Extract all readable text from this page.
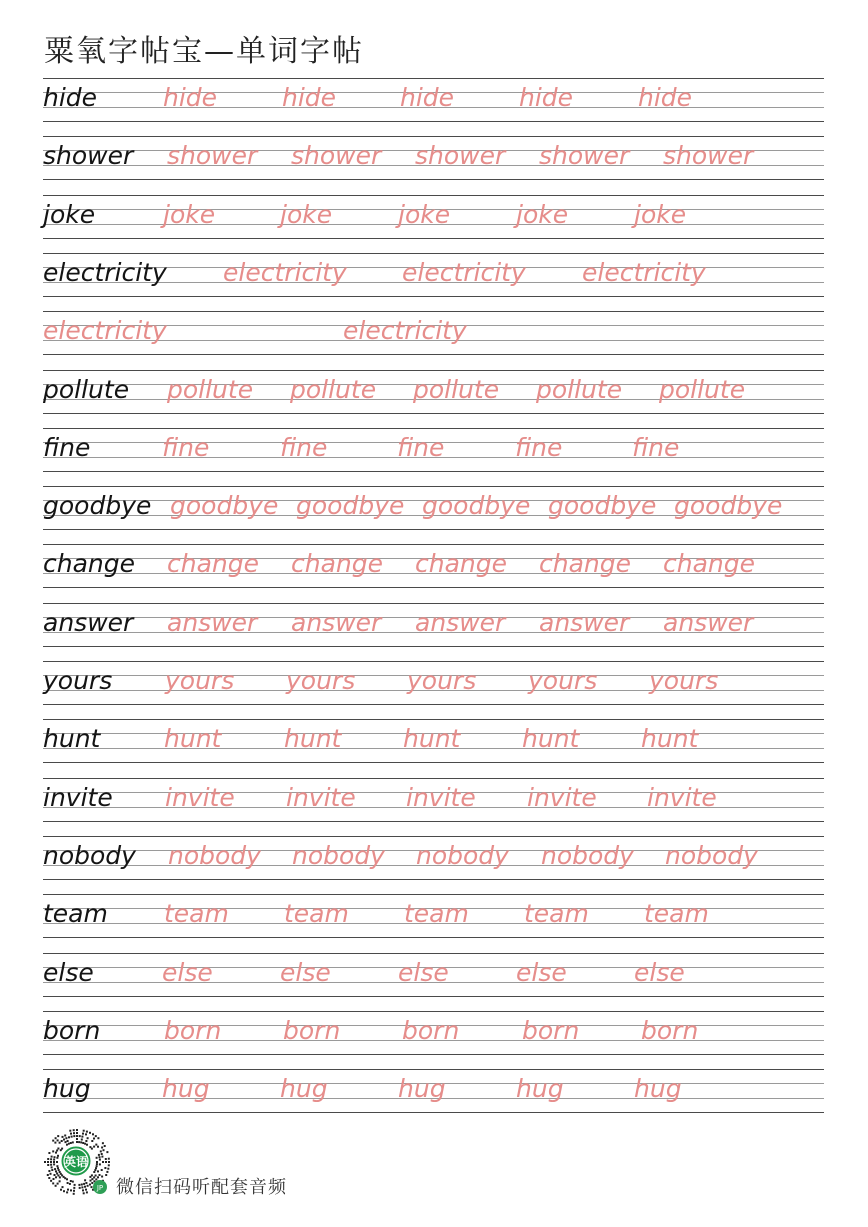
粟氧字帖宝—单词字帖
hide	hide	hide	hide	hide	hide
shower shower shower shower shower shower
joke	joke	joke	joke	joke	joke
electricity electricity electricity electricity
electricity	electricity
pollute pollute pollute pollute pollute pollute
fine	fine	fine	fine	fine	fine
goodbye goodbye goodbye goodbye goodbye goodbye
change change change change change change
answer answer answer answer answer answer
yours yours yours yours yours yours
hunt	hunt	hunt hunt hunt hunt
invite invite invite invite invite invite
nobody nobody nobody nobody nobody nobody
team team team team team team
else	else	else	else	else	else
born	born born born	born born
hug	hug	hug	hug	hug	hug
英语
JP 微信扫码听配套音频
